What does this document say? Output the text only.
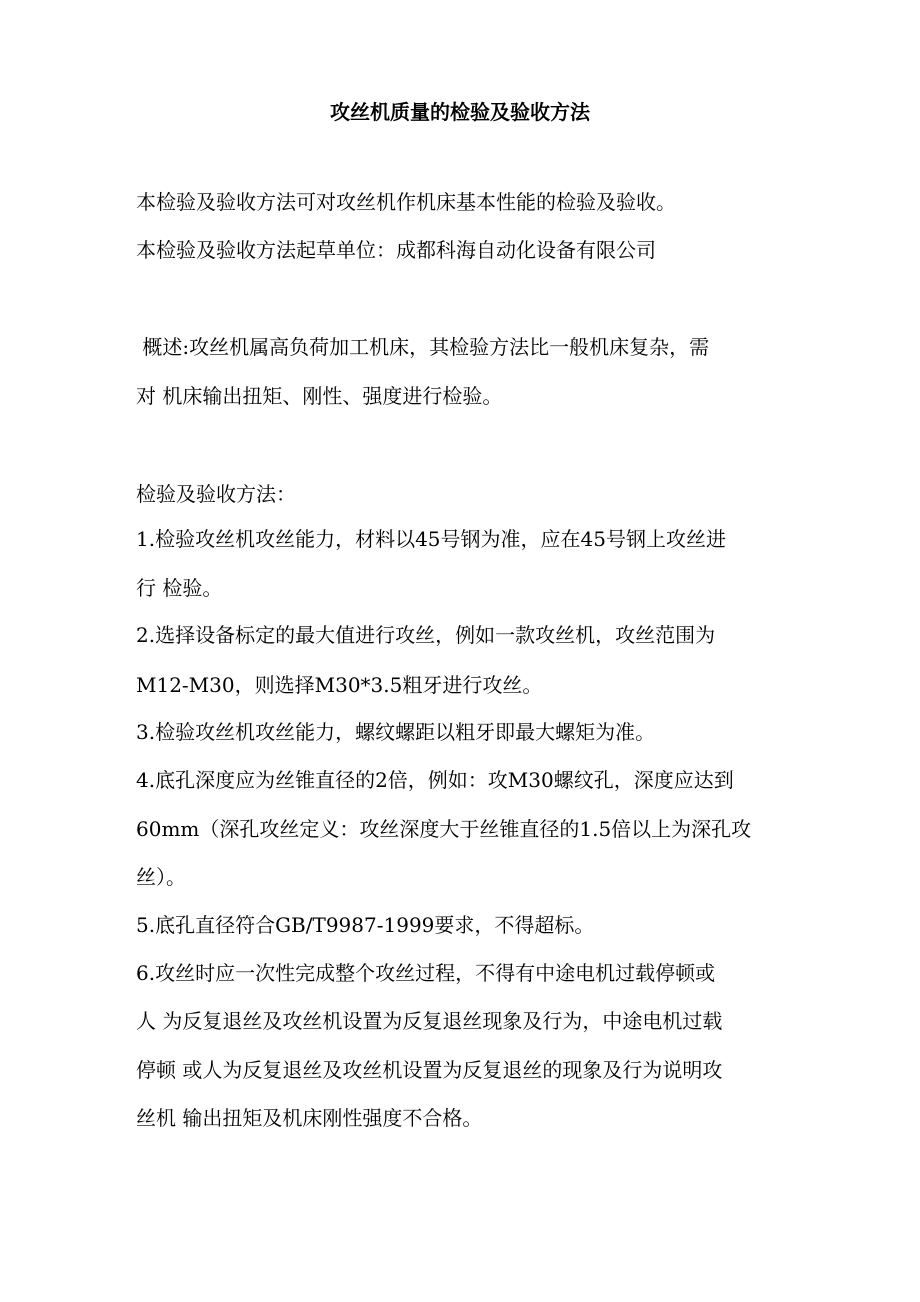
攻丝机质量的检验及验收方法
本检验及验收方法可对攻丝机作机床基本性能的检验及验收。
本检验及验收方法起草单位：成都科海自动化设备有限公司
概述:攻丝机属高负荷加工机床，其检验方法比一般机床复杂，需
对 机床输出扭矩、刚性、强度进行检验。
检验及验收方法：
1.检验攻丝机攻丝能力，材料以45号钢为准，应在45号钢上攻丝进
行 检验。
2.选择设备标定的最大值进行攻丝，例如一款攻丝机，攻丝范围为
M12-M30，则选择M30*3.5粗牙进行攻丝。
3.检验攻丝机攻丝能力，螺纹螺距以粗牙即最大螺矩为准。
4.底孔深度应为丝锥直径的2倍，例如：攻M30螺纹孔，深度应达到
60mm（深孔攻丝定义：攻丝深度大于丝锥直径的1.5倍以上为深孔攻
丝）。
5.底孔直径符合GB/T9987-1999要求，不得超标。
6.攻丝时应一次性完成整个攻丝过程，不得有中途电机过载停顿或
人 为反复退丝及攻丝机设置为反复退丝现象及行为，中途电机过载
停顿 或人为反复退丝及攻丝机设置为反复退丝的现象及行为说明攻
丝机 输出扭矩及机床刚性强度不合格。
